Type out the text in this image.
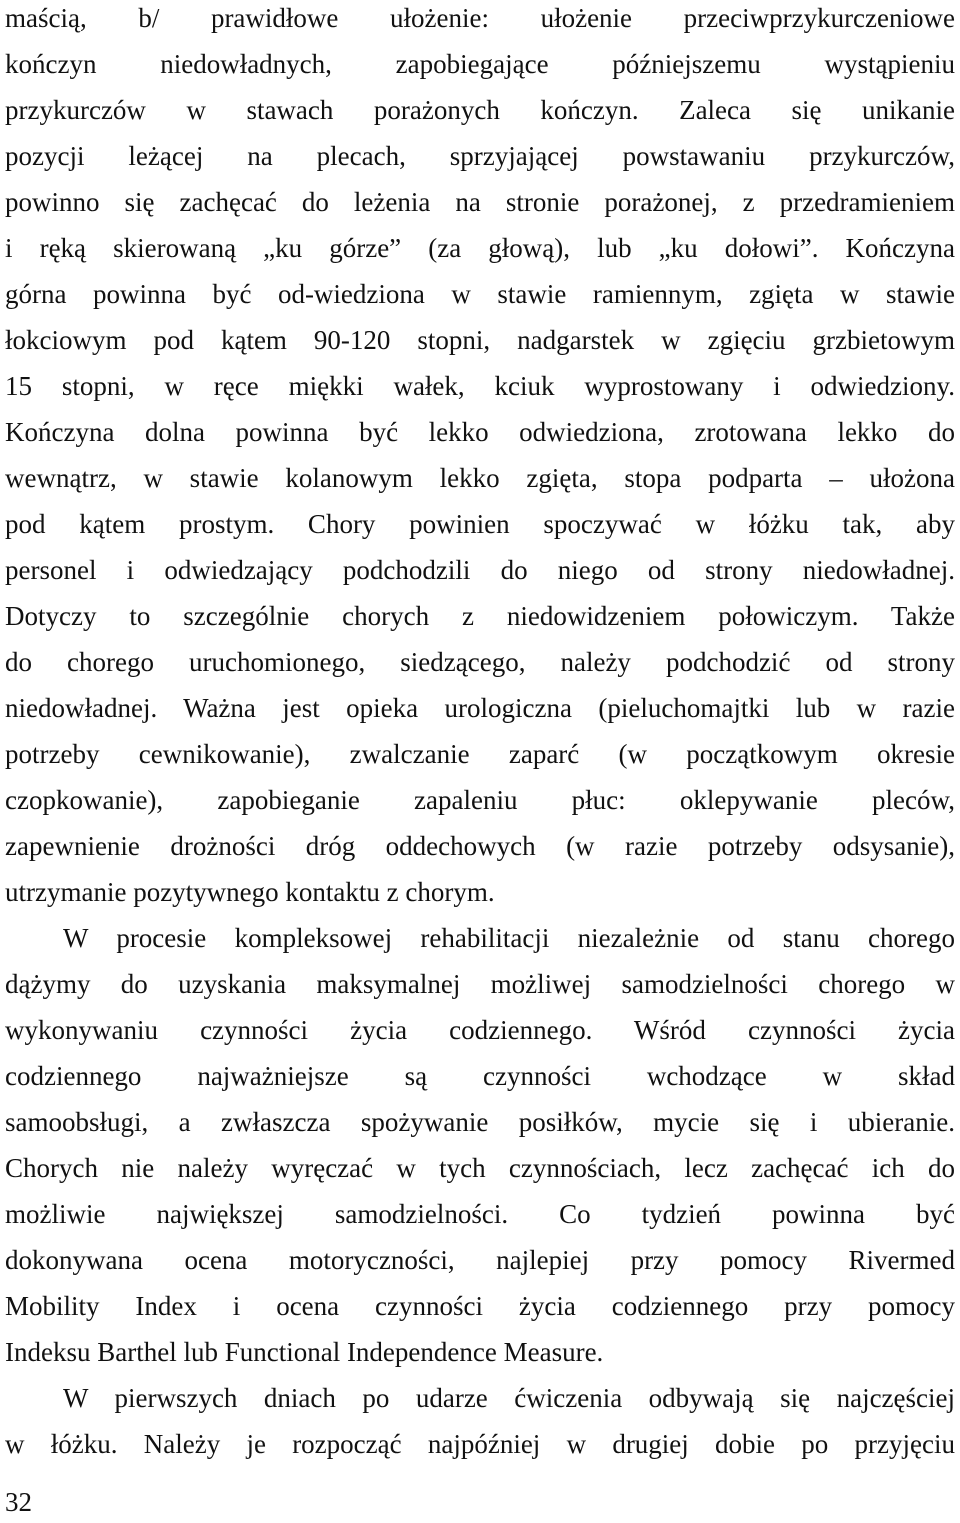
maścią, b/ prawidłowe ułożenie: ułożenie przeciwprzykurczeniowe
kończyn niedowładnych, zapobiegające późniejszemu wystąpieniu
przykurczów w stawach porażonych kończyn. Zaleca się unikanie
pozycji leżącej na plecach, sprzyjającej powstawaniu przykurczów,
powinno się zachęcać do leżenia na stronie porażonej, z przedramieniem
i ręką skierowaną „ku górze” (za głową), lub „ku dołowi”. Kończyna
górna powinna być od-wiedziona w stawie ramiennym, zgięta w stawie
łokciowym pod kątem 90-120 stopni, nadgarstek w zgięciu grzbietowym
15 stopni, w ręce miękki wałek, kciuk wyprostowany i odwiedziony.
Kończyna dolna powinna być lekko odwiedziona, zrotowana lekko do
wewnątrz, w stawie kolanowym lekko zgięta, stopa podparta – ułożona
pod kątem prostym. Chory powinien spoczywać w łóżku tak, aby
personel i odwiedzający podchodzili do niego od strony niedowładnej.
Dotyczy to szczególnie chorych z niedowidzeniem połowiczym. Także
do chorego uruchomionego, siedzącego, należy podchodzić od strony
niedowładnej. Ważna jest opieka urologiczna (pieluchomajtki lub w razie
potrzeby cewnikowanie), zwalczanie zaparć (w początkowym okresie
czopkowanie), zapobieganie zapaleniu płuc: oklepywanie pleców,
zapewnienie drożności dróg oddechowych (w razie potrzeby odsysanie),
utrzymanie pozytywnego kontaktu z chorym.
W procesie kompleksowej rehabilitacji niezależnie od stanu chorego
dążymy do uzyskania maksymalnej możliwej samodzielności chorego w
wykonywaniu czynności życia codziennego. Wśród czynności życia
codziennego najważniejsze są czynności wchodzące w skład
samoobsługi, a zwłaszcza spożywanie posiłków, mycie się i ubieranie.
Chorych nie należy wyręczać w tych czynnościach, lecz zachęcać ich do
możliwie największej samodzielności. Co tydzień powinna być
dokonywana ocena motoryczności, najlepiej przy pomocy Rivermed
Mobility Index i ocena czynności życia codziennego przy pomocy
Indeksu Barthel lub Functional Independence Measure.
W pierwszych dniach po udarze ćwiczenia odbywają się najczęściej
w łóżku. Należy je rozpocząć najpóźniej w drugiej dobie po przyjęciu
32
